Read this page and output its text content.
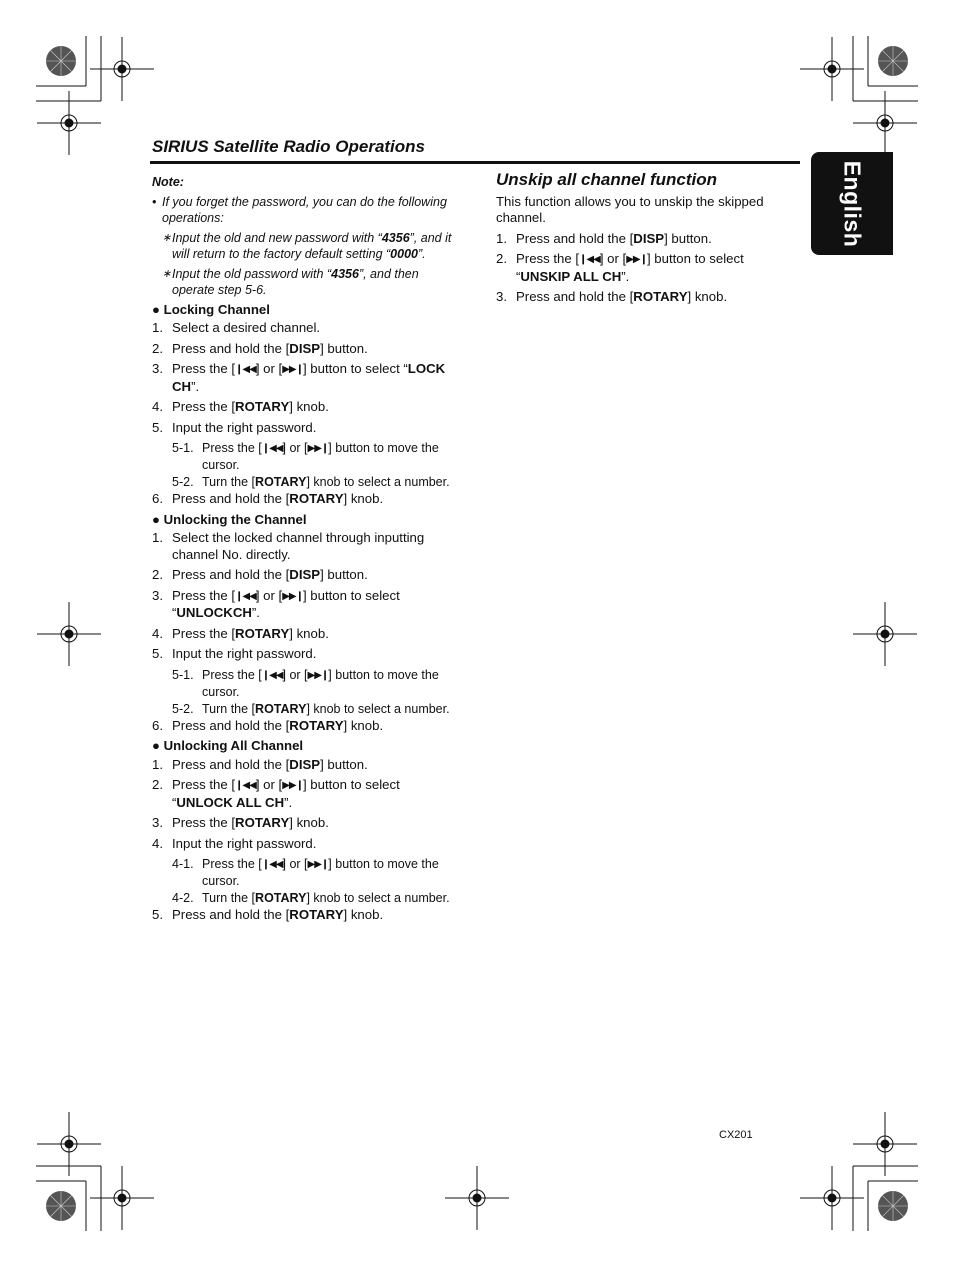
SIRIUS Satellite Radio Operations
English
Note:
• If you forget the password, you can do the following operations:
∗ Input the old and new password with “4356”, and it will return to the factory default setting “0000”.
∗ Input the old password with “4356”, and then operate step 5-6.
● Locking Channel
1. Select a desired channel.
2. Press and hold the [DISP] button.
3. Press the [❙◀◀] or [▶▶❙] button to select “LOCK CH”.
4. Press the [ROTARY] knob.
5. Input the right password.
5-1. Press the [❙◀◀] or [▶▶❙] button to move the cursor.
5-2. Turn the [ROTARY] knob to select a number.
6. Press and hold the [ROTARY] knob.
● Unlocking the Channel
1. Select the locked channel through inputting channel No. directly.
2. Press and hold the [DISP] button.
3. Press the [❙◀◀] or [▶▶❙] button to select “UNLOCKCH”.
4. Press the [ROTARY] knob.
5. Input the right password.
5-1. Press the [❙◀◀] or [▶▶❙] button to move the cursor.
5-2. Turn the [ROTARY] knob to select a number.
6. Press and hold the [ROTARY] knob.
● Unlocking All Channel
1. Press and hold the [DISP] button.
2. Press the [❙◀◀] or [▶▶❙] button to select “UNLOCK ALL CH”.
3. Press the [ROTARY] knob.
4. Input the right password.
4-1. Press the [❙◀◀] or [▶▶❙] button to move the cursor.
4-2. Turn the [ROTARY] knob to select a number.
5. Press and hold the [ROTARY] knob.
Unskip all channel function
This function allows you to unskip the skipped channel.
1. Press and hold the [DISP] button.
2. Press the [❙◀◀] or [▶▶❙] button to select “UNSKIP ALL CH”.
3. Press and hold the [ROTARY] knob.
CX201
